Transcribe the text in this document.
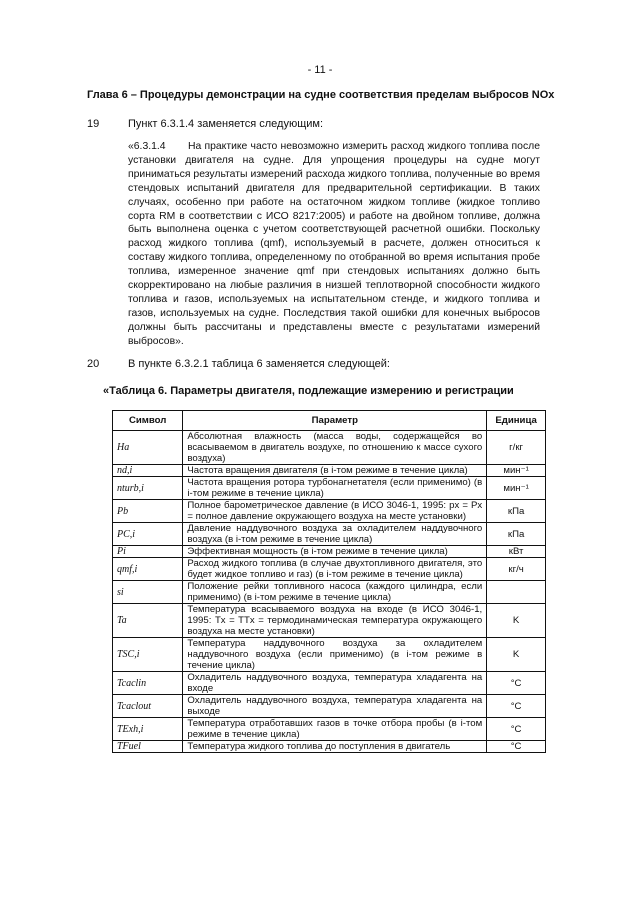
- 11 -
Глава 6 – Процедуры демонстрации на судне соответствия пределам выбросов NOx
19	Пункт 6.3.1.4 заменяется следующим:
«6.3.1.4 На практике часто невозможно измерить расход жидкого топлива после установки двигателя на судне. Для упрощения процедуры на судне могут приниматься результаты измерений расхода жидкого топлива, полученные во время стендовых испытаний двигателя для предварительной сертификации. В таких случаях, особенно при работе на остаточном жидком топливе (жидкое топливо сорта RM в соответствии с ИСО 8217:2005) и работе на двойном топливе, должна быть выполнена оценка с учетом соответствующей расчетной ошибки. Поскольку расход жидкого топлива (qmf), используемый в расчете, должен относиться к составу жидкого топлива, определенному по отобранной во время испытания пробе топлива, измеренное значение qmf при стендовых испытаниях должно быть скорректировано на любые различия в низшей теплотворной способности жидкого топлива и газов, используемых на испытательном стенде, и жидкого топлива и газов, используемых на судне. Последствия такой ошибки для конечных выбросов должны быть рассчитаны и представлены вместе с результатами измерений выбросов».
20	В пункте 6.3.2.1 таблица 6 заменяется следующей:
«Таблица 6. Параметры двигателя, подлежащие измерению и регистрации
Символ	Параметр	Единица
Ha	Абсолютная влажность (масса воды, содержащейся во всасываемом в двигатель воздухе, по отношению к массе сухого воздуха)	г/кг
nd,i	Частота вращения двигателя (в i-том режиме в течение цикла)	мин⁻¹
nturb,i	Частота вращения ротора турбонагнетателя (если применимо) (в i-том режиме в течение цикла)	мин⁻¹
Pb	Полное барометрическое давление (в ИСО 3046-1, 1995: px = Px = полное давление окружающего воздуха на месте установки)	кПа
PC,i	Давление наддувочного воздуха за охладителем наддувочного воздуха (в i-том режиме в течение цикла)	кПа
Pi	Эффективная мощность (в i-том режиме в течение цикла)	кВт
qmf,i	Расход жидкого топлива (в случае двухтопливного двигателя, это будет жидкое топливо и газ) (в i-том режиме в течение цикла)	кг/ч
si	Положение рейки топливного насоса (каждого цилиндра, если применимо) (в i-том режиме в течение цикла)	
Ta	Температура всасываемого воздуха на входе (в ИСО 3046-1, 1995: Tx = TTx = термодинамическая температура окружающего воздуха на месте установки)	K
TSC,i	Температура наддувочного воздуха за охладителем наддувочного воздуха (если применимо) (в i-том режиме в течение цикла)	K
Tcaclin	Охладитель наддувочного воздуха, температура хладагента на входе	°C
Tcaclout	Охладитель наддувочного воздуха, температура хладагента на выходе	°C
TExh,i	Температура отработавших газов в точке отбора пробы (в i-том режиме в течение цикла)	°C
TFuel	Температура жидкого топлива до поступления в двигатель	°C
